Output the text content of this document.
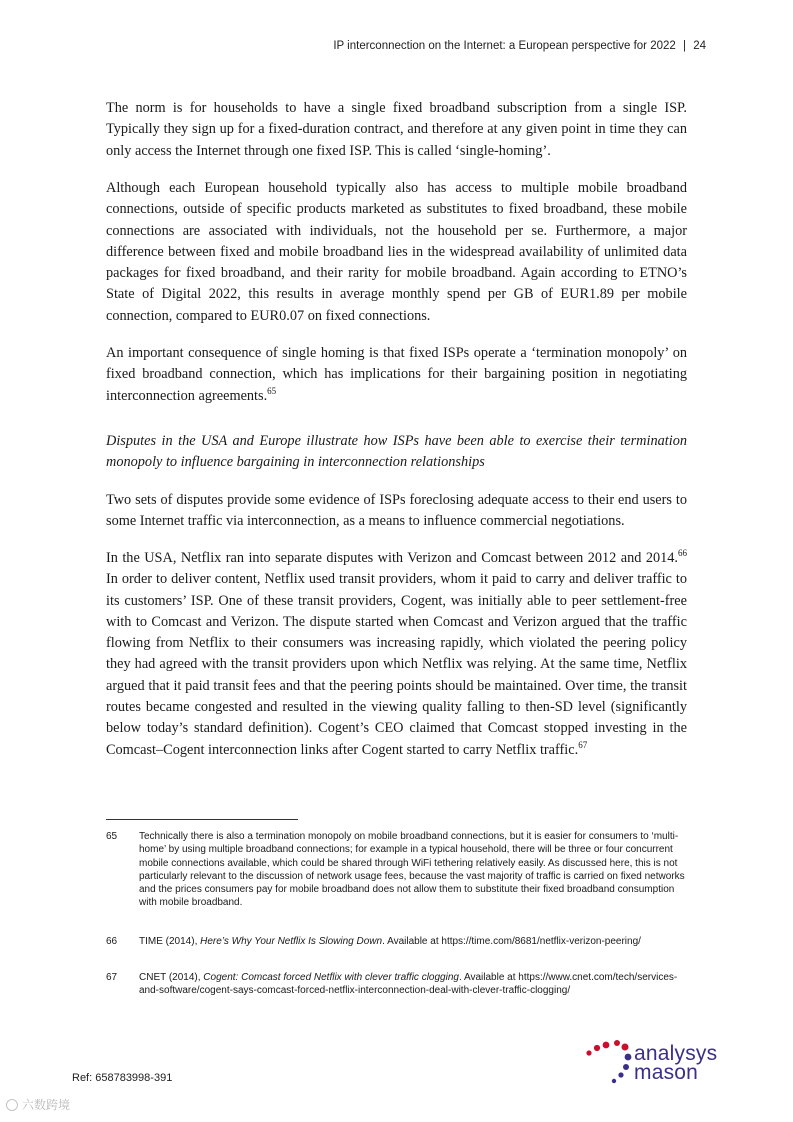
IP interconnection on the Internet: a European perspective for 2022 | 24

The norm is for households to have a single fixed broadband subscription from a single ISP. Typically they sign up for a fixed-duration contract, and therefore at any given point in time they can only access the Internet through one fixed ISP. This is called ‘single-homing’.

Although each European household typically also has access to multiple mobile broadband connections, outside of specific products marketed as substitutes to fixed broadband, these mobile connections are associated with individuals, not the household per se. Furthermore, a major difference between fixed and mobile broadband lies in the widespread availability of unlimited data packages for fixed broadband, and their rarity for mobile broadband. Again according to ETNO’s State of Digital 2022, this results in average monthly spend per GB of EUR1.89 per mobile connection, compared to EUR0.07 on fixed connections.

An important consequence of single homing is that fixed ISPs operate a ‘termination monopoly’ on fixed broadband connection, which has implications for their bargaining position in negotiating interconnection agreements.$^{65}$

Disputes in the USA and Europe illustrate how ISPs have been able to exercise their termination monopoly to influence bargaining in interconnection relationships

Two sets of disputes provide some evidence of ISPs foreclosing adequate access to their end users to some Internet traffic via interconnection, as a means to influence commercial negotiations.

In the USA, Netflix ran into separate disputes with Verizon and Comcast between 2012 and 2014.66 In order to deliver content, Netflix used transit providers, whom it paid to carry and deliver traffic to its customers’ ISP. One of these transit providers, Cogent, was initially able to peer settlement-free with to Comcast and Verizon. The dispute started when Comcast and Verizon argued that the traffic flowing from Netflix to their consumers was increasing rapidly, which violated the peering policy they had agreed with the transit providers upon which Netflix was relying. At the same time, Netflix argued that it paid transit fees and that the peering points should be maintained. Over time, the transit routes became congested and resulted in the viewing quality falling to then-SD level (significantly below today’s standard definition). Cogent’s CEO claimed that Comcast stopped investing in the Comcast–Cogent interconnection links after Cogent started to carry Netflix traffic.$^{67}$

65	Technically there is also a termination monopoly on mobile broadband connections, but it is easier for consumers to ‘multi-home’ by using multiple broadband connections; for example in a typical household, there will be three or four concurrent mobile connections available, which could be shared through WiFi tethering relatively easily. As discussed here, this is not particularly relevant to the discussion of network usage fees, because the vast majority of traffic is carried on fixed networks and the prices consumers pay for mobile broadband does not allow them to substitute their fixed broadband consumption with mobile broadband.
66	TIME (2014), Here’s Why Your Netflix Is Slowing Down. Available at https://time.com/8681/netflix-verizon-peering/
67	CNET (2014), Cogent: Comcast forced Netflix with clever traffic clogging. Available at https://www.cnet.com/tech/services-and-software/cogent-says-comcast-forced-netflix-interconnection-deal-with-clever-traffic-clogging/
Ref: 658783998-391
analysys
mason
六数跨境
